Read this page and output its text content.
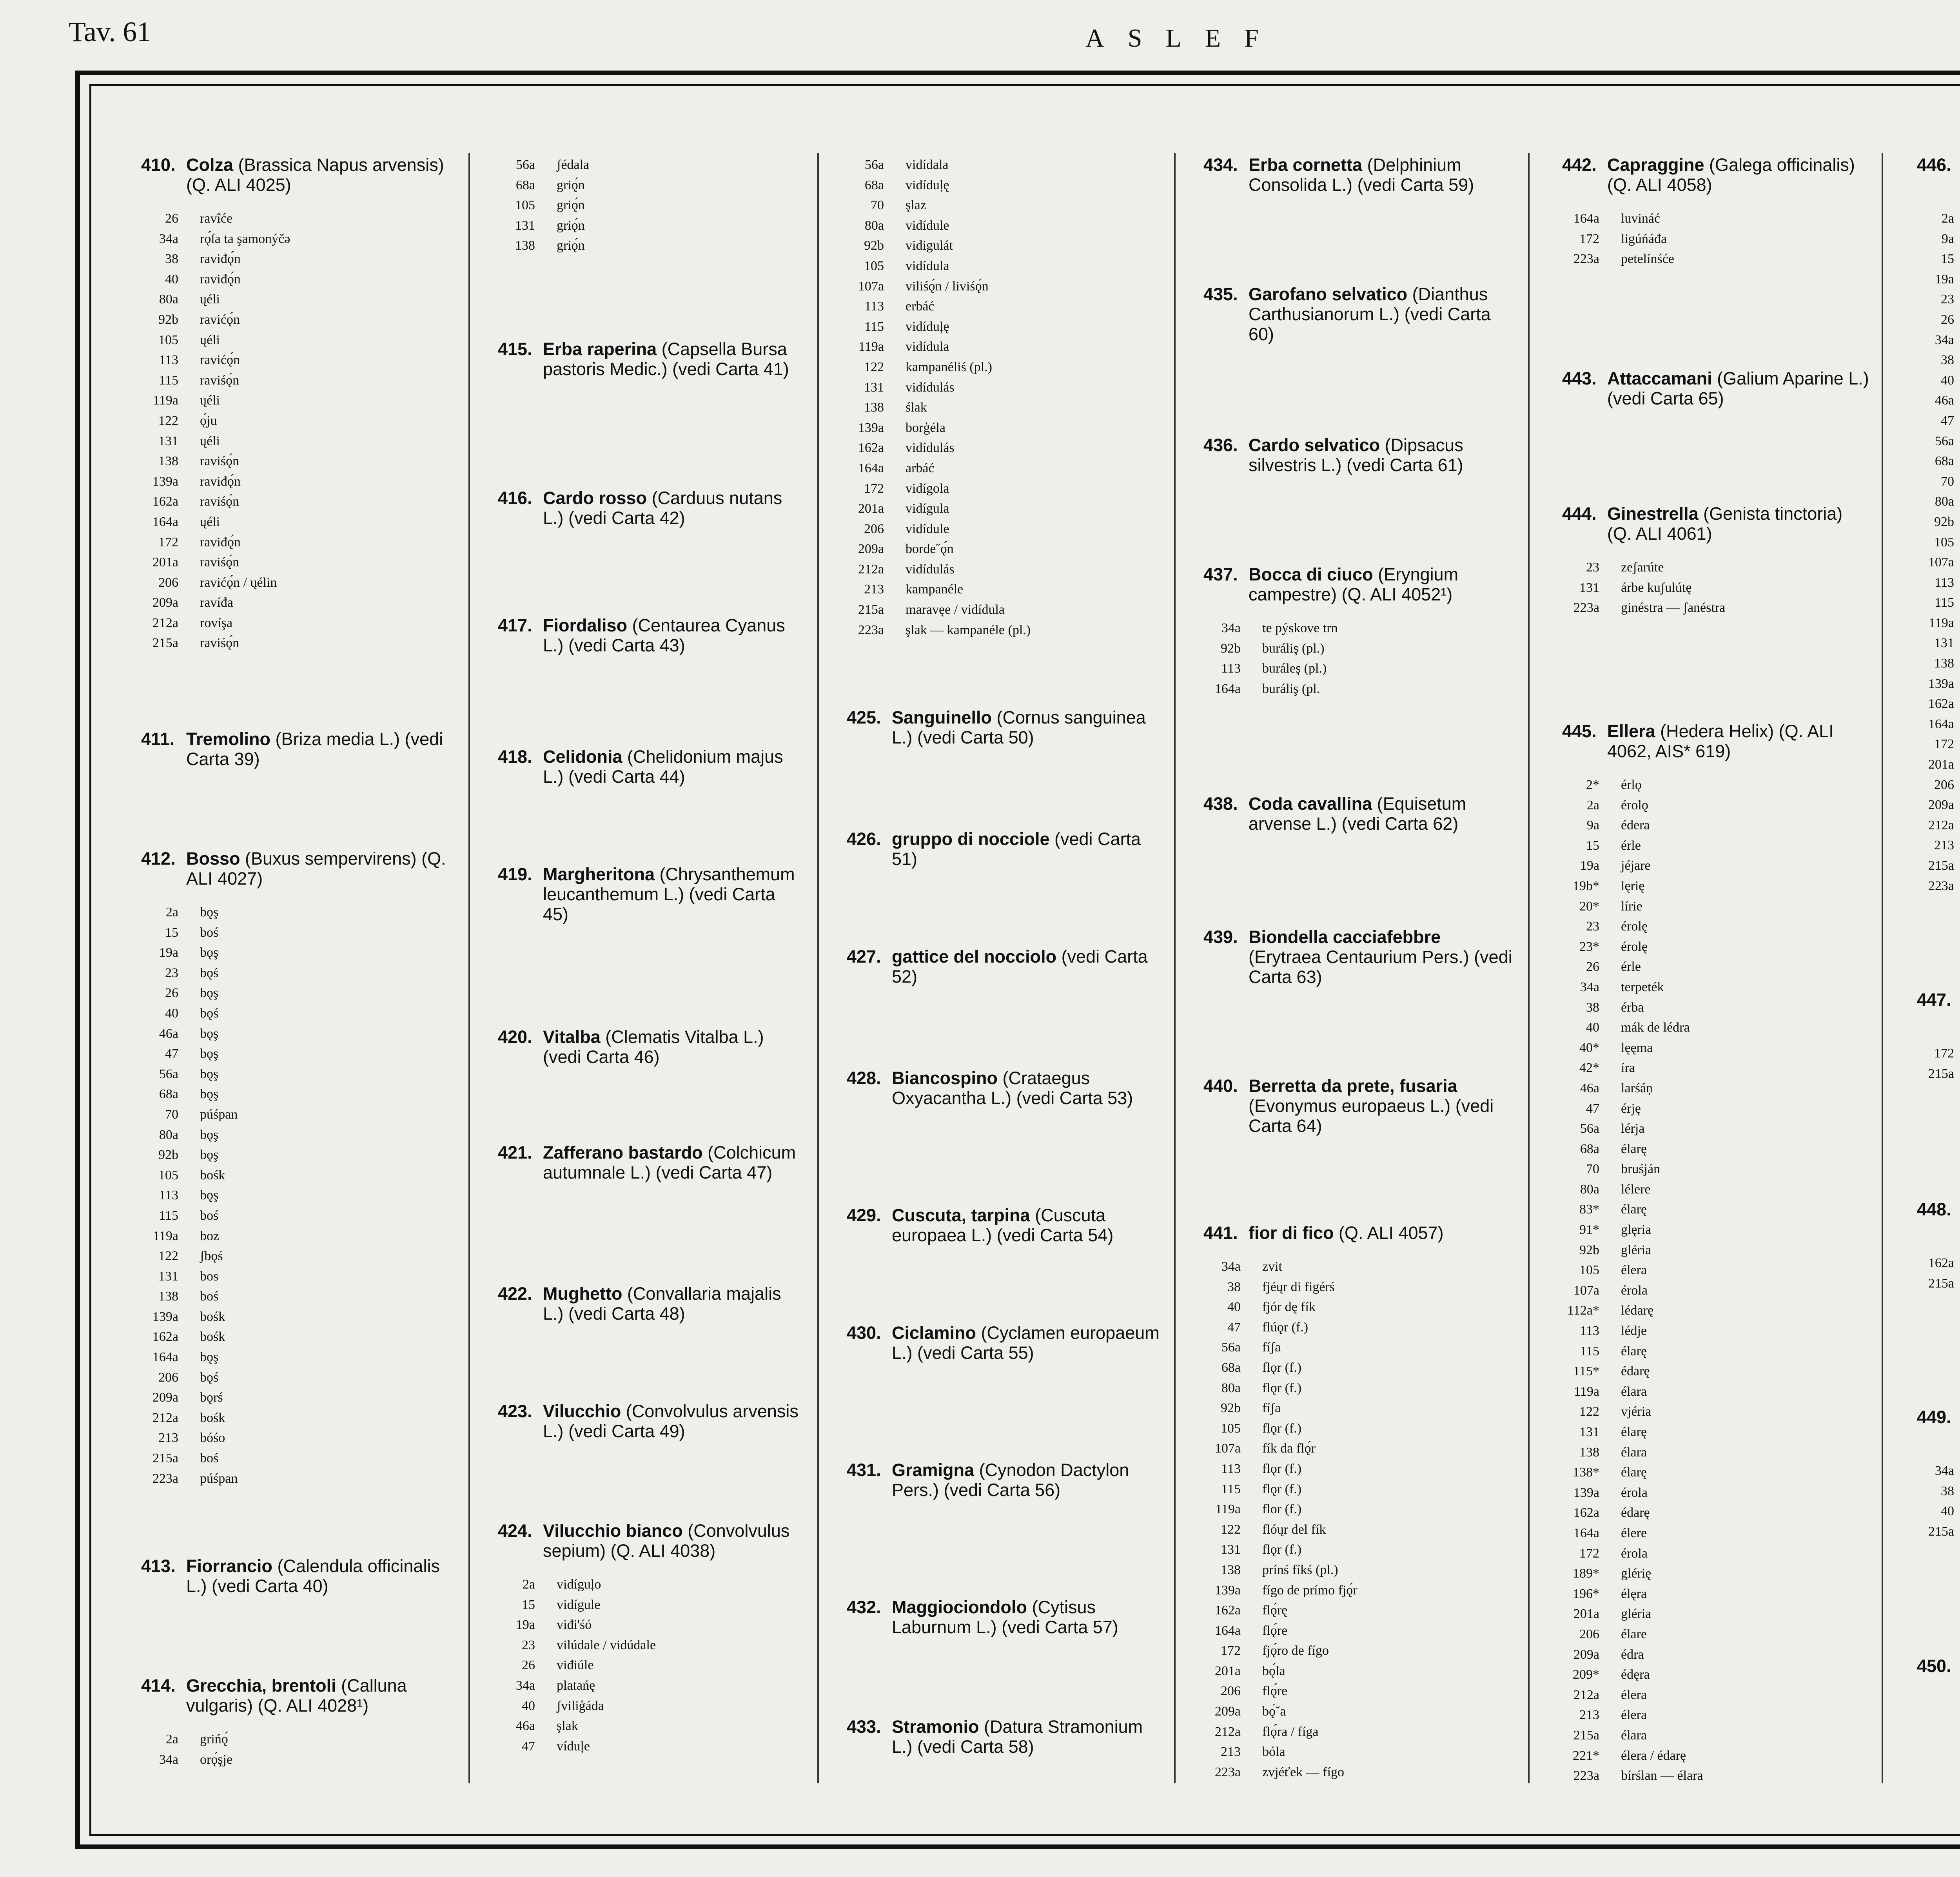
Tav. 61	ASLEF
410. Colza (Brassica Napus arvensis) (Q. ALI 4025)
26 ravîće
34a rǫ́ſa ta şamonýčə
38 raviđǫ́n
40 raviđǫ́n
80a ųéli
92b ravićǫ́n
105 ųéli
113 ravićǫ́n
115 raviśǫ́n
119a ųéli
122 ǫ́ju
131 ųéli
138 raviśǫ́n
139a raviđǫ́n
162a raviśǫ́n
164a ųéli
172 raviđǫ́n
201a raviśǫ́n
206 ravićǫ́n / ųélin
209a ravíđa
212a rovíşa
215a raviśǫ́n
411. Tremolino (Briza media L.) (vedi Carta 39)
412. Bosso (Buxus sempervirens) (Q. ALI 4027)
2a bǫş
15 boś
19a bǫş
23 bǫś
26 bǫş
40 bǫś
46a bǫş
47 bǫş
56a bǫş
68a bǫş
70 púśpan
80a bǫş
92b bǫş
105 bośk
113 bǫş
115 boś
119a boz
122 ʃbǫś
131 bos
138 boś
139a bośk
162a bośk
164a bǫş
206 bǫś
209a bǫrś
212a bośk
213 bóśo
215a boś
223a púśpan
413. Fiorrancio (Calendula officinalis L.) (vedi Carta 40)
414. Grecchia, brentoli (Calluna vulgaris) (Q. ALI 4028¹)
2a grińǫ́
34a orǫ́şje
56a ʃédala
68a griǫ́n
105 griǫ́n
131 griǫ́n
138 griǫ́n
415. Erba raperina (Capsella Bursa pastoris Medic.) (vedi Carta 41)
416. Cardo rosso (Carduus nutans L.) (vedi Carta 42)
417. Fiordaliso (Centaurea Cyanus L.) (vedi Carta 43)
418. Celidonia (Chelidonium majus L.) (vedi Carta 44)
419. Margheritona (Chrysanthemum leucanthemum L.) (vedi Carta 45)
420. Vitalba (Clematis Vitalba L.) (vedi Carta 46)
421. Zafferano bastardo (Colchicum autumnale L.) (vedi Carta 47)
422. Mughetto (Convallaria majalis L.) (vedi Carta 48)
423. Vilucchio (Convolvulus arvensis L.) (vedi Carta 49)
424. Vilucchio bianco (Convolvulus sepium) (Q. ALI 4038)
2a vidíguļo
15 vidígule
19a viđi'śó
23 vilúdale / vidúdale
26 viđiúle
34a platańę
40 ʃviliģáda
46a şlak
47 víduļe
56a vidídala
68a vidíduļę
70 şlaz
80a vidídule
92b vidigulát
105 vidídula
107a viliśǫ́n / liviśǫ́n
113 erbáć
115 vidíduļę
119a vidídula
122 kampanéliś (pl.)
131 vidídulás
138 ślak
139a borģéla
162a vidídulás
164a arbáć
172 vidígola
201a vidígula
206 vidídule
209a borde˝ǫ́n
212a vidídulás
213 kampanéle
215a maravęe / vidídula
223a şlak — kampanéle (pl.)
425. Sanguinello (Cornus sanguinea L.) (vedi Carta 50)
426. gruppo di nocciole (vedi Carta 51)
427. gattice del nocciolo (vedi Carta 52)
428. Biancospino (Crataegus Oxyacantha L.) (vedi Carta 53)
429. Cuscuta, tarpina (Cuscuta europaea L.) (vedi Carta 54)
430. Ciclamino (Cyclamen europaeum L.) (vedi Carta 55)
431. Gramigna (Cynodon Dactylon Pers.) (vedi Carta 56)
432. Maggiociondolo (Cytisus Laburnum L.) (vedi Carta 57)
433. Stramonio (Datura Stramonium L.) (vedi Carta 58)
434. Erba cornetta (Delphinium Consolida L.) (vedi Carta 59)
435. Garofano selvatico (Dianthus Carthusianorum L.) (vedi Carta 60)
436. Cardo selvatico (Dipsacus silvestris L.) (vedi Carta 61)
437. Bocca di ciuco (Eryngium campestre) (Q. ALI 4052¹)
34a te pýskove trn
92b buráliş (pl.)
113 buráleş (pl.)
164a buráliş (pl.
438. Coda cavallina (Equisetum arvense L.) (vedi Carta 62)
439. Biondella cacciafebbre (Erytraea Centaurium Pers.) (vedi Carta 63)
440. Berretta da prete, fusaria (Evonymus europaeus L.) (vedi Carta 64)
441. fior di fico (Q. ALI 4057)
34a zvit
38 fjéųr di figérś
40 fjór dę fík
47 flúǫr (f.)
56a fíʃa
68a flǫr (f.)
80a flǫr (f.)
92b fíʃa
105 flǫr (f.)
107a fík da flǫ́r
113 flǫr (f.)
115 flǫr (f.)
119a flor (f.)
122 flóųr del fík
131 flǫr (f.)
138 prínś fíkś (pl.)
139a fígo de prímo fjǫ́r
162a flǫ́rę
164a flǫ́re
172 fjǫ́ro de fígo
201a bǫ́la
206 flǫ́re
209a bǫ́ˇa
212a flǫ́ra / fíga
213 bóla
223a zvjéťek — fígo
442. Capraggine (Galega officinalis) (Q. ALI 4058)
164a luvináć
172 ligúńáđa
223a petelínśće
443. Attaccamani (Galium Aparine L.) (vedi Carta 65)
444. Ginestrella (Genista tinctoria) (Q. ALI 4061)
23 zeʃarúte
131 árbe kuʃulútę
223a ginéstra — ʃanéstra
445. Ellera (Hedera Helix) (Q. ALI 4062, AIS* 619)
2* érlǫ
2a érolǫ
9a édera
15 érle
19a jéjare
19b* lęrię
20* lírie
23 érolę
23* érolę
26 érle
34a terpeték
38 érba
40 mák de lédra
40* lęęma
42* íra
46a larśáņ
47 érję
56a lérja
68a élarę
70 bruśján
80a lélere
83* élarę
91* glęria
92b gléria
105 élera
107a érola
112a* lédarę
113 lédje
115 élarę
115* édarę
119a élara
122 vjéria
131 élarę
138 élara
138* élarę
139a érola
162a édarę
164a élere
172 érola
189* glérię
196* élęra
201a gléria
206 élare
209a édra
209* édęra
212a élera
213 élera
215a élara
221* élera / édarę
223a bírślan — élara
446.
2a
9a
15
19a
23
26
34a
38
40
46a
47
56a
68a
70
80a
92b
105
107a
113
115
119a
131
138
139a
162a
164a
172
201a
206
209a
212a
213
215a
223a
447.
172
215a
448.
162a
215a
449.
34a
38
40
215a
450.
